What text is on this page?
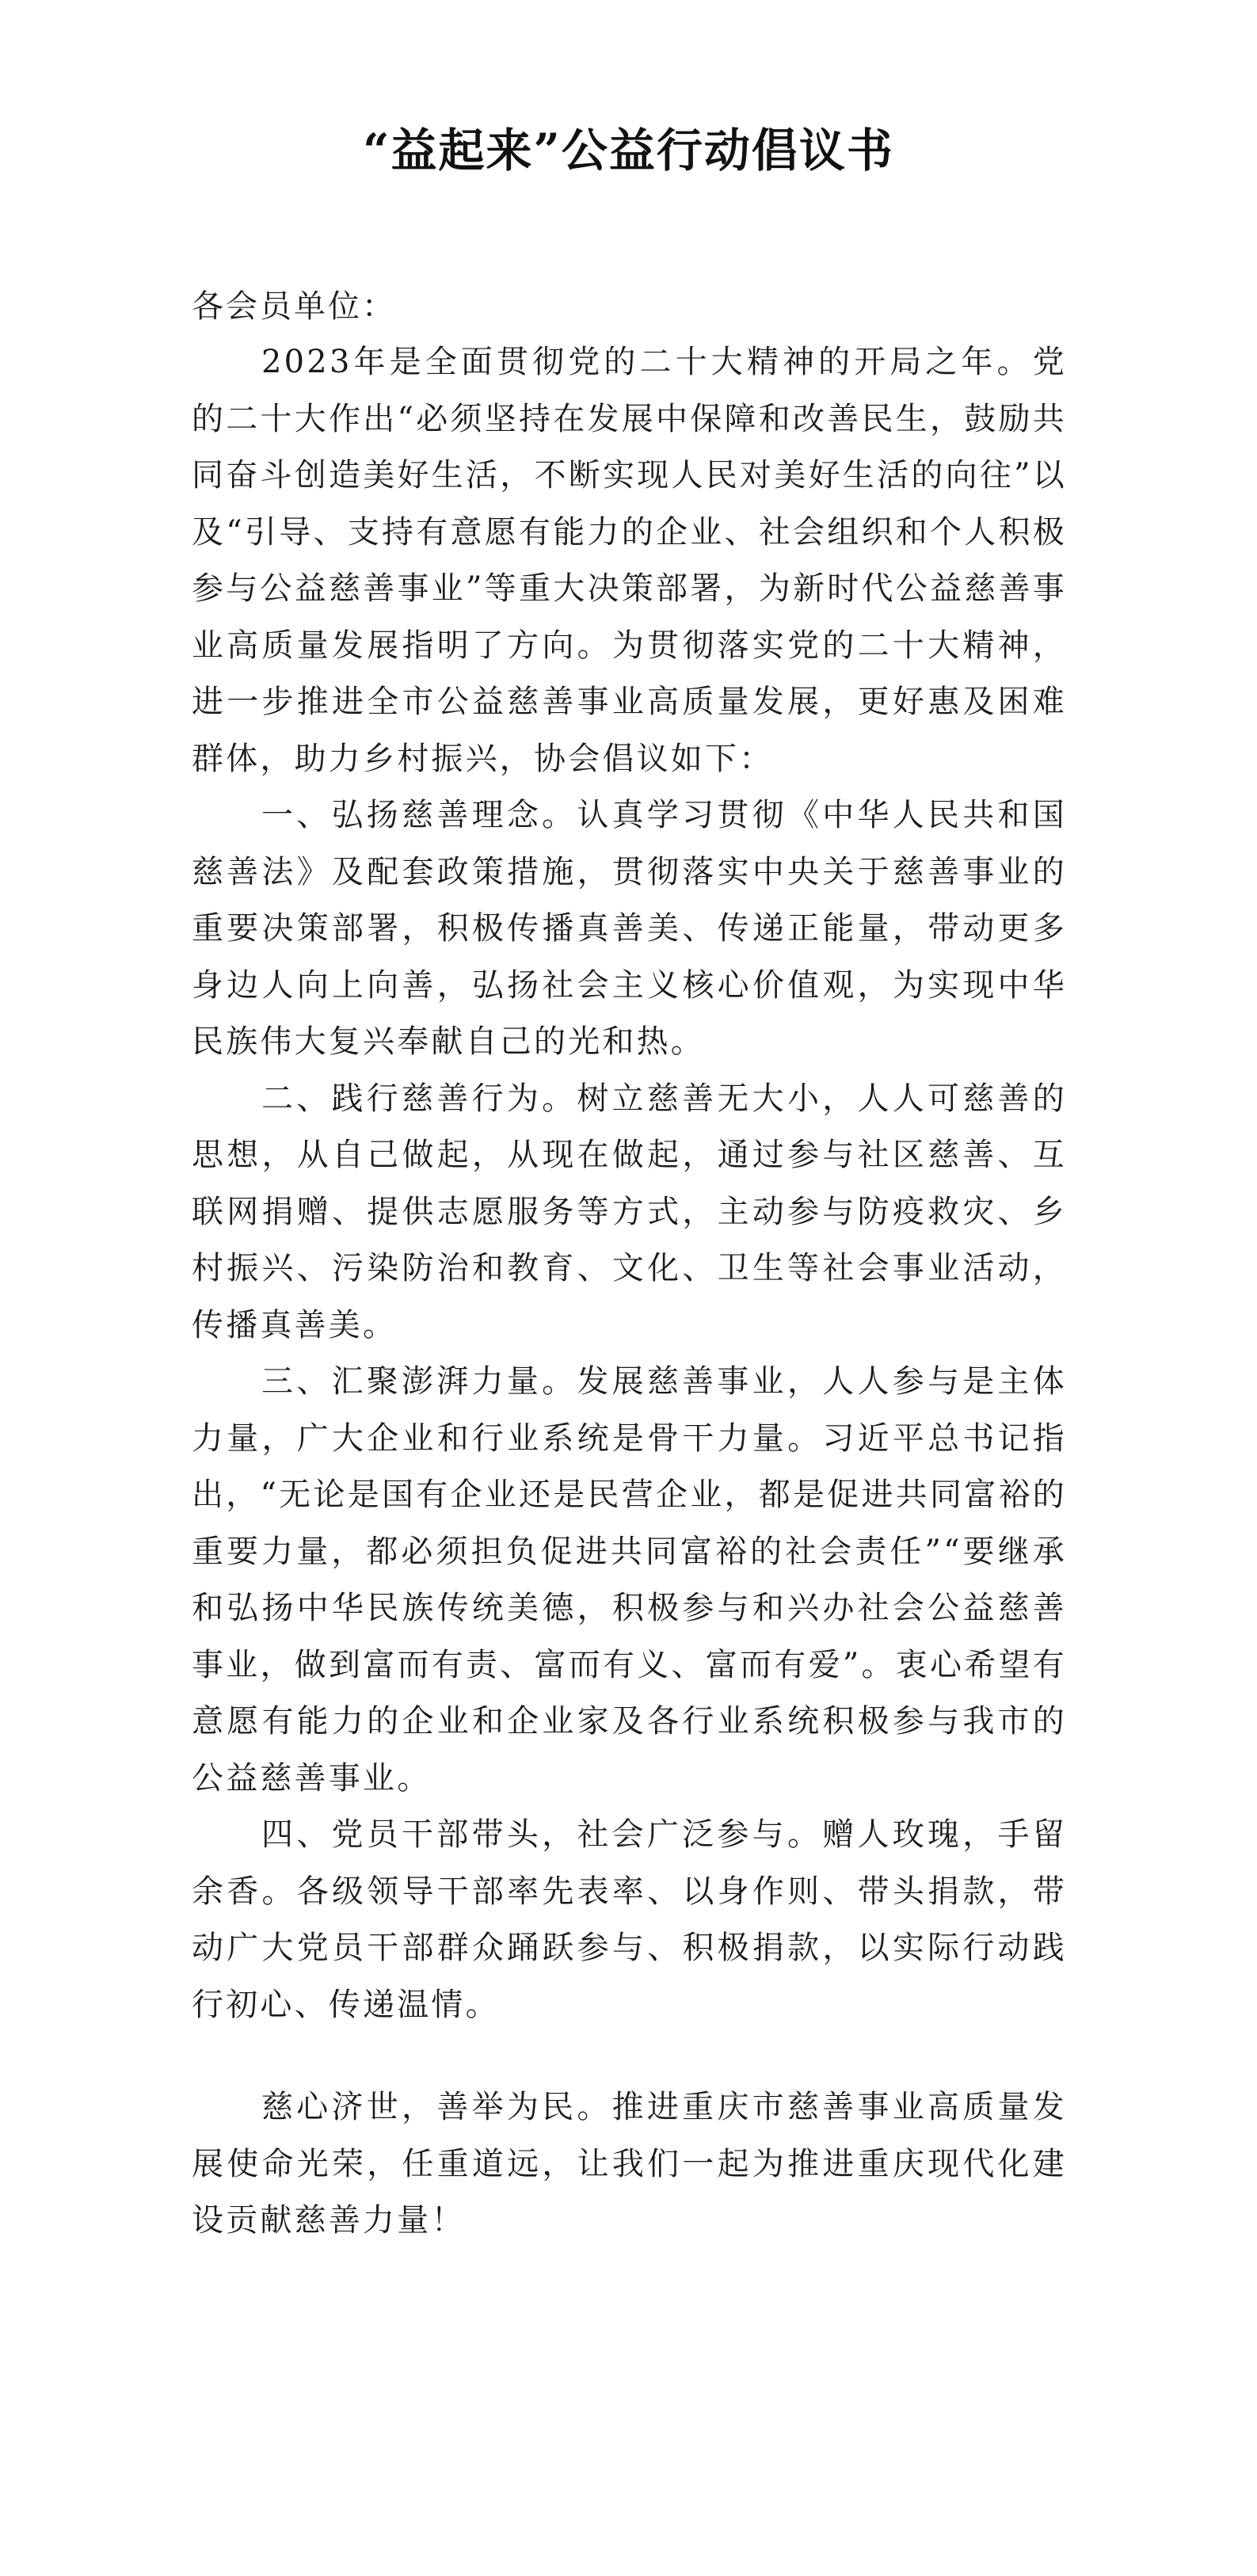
“益起来”公益行动倡议书
各会员单位：

2023年是全面贯彻党的二十大精神的开局之年。党的二十大作出“必须坚持在发展中保障和改善民生，鼓励共同奋斗创造美好生活，不断实现人民对美好生活的向往”以及“引导、支持有意愿有能力的企业、社会组织和个人积极参与公益慈善事业”等重大决策部署，为新时代公益慈善事业高质量发展指明了方向。为贯彻落实党的二十大精神，进一步推进全市公益慈善事业高质量发展，更好惠及困难群体，助力乡村振兴，协会倡议如下：

一、弘扬慈善理念。认真学习贯彻《中华人民共和国慈善法》及配套政策措施，贯彻落实中央关于慈善事业的重要决策部署，积极传播真善美、传递正能量，带动更多身边人向上向善，弘扬社会主义核心价值观，为实现中华民族伟大复兴奉献自己的光和热。

二、践行慈善行为。树立慈善无大小，人人可慈善的思想，从自己做起，从现在做起，通过参与社区慈善、互联网捐赠、提供志愿服务等方式，主动参与防疫救灾、乡村振兴、污染防治和教育、文化、卫生等社会事业活动，传播真善美。

三、汇聚澎湃力量。发展慈善事业，人人参与是主体力量，广大企业和行业系统是骨干力量。习近平总书记指出，“无论是国有企业还是民营企业，都是促进共同富裕的重要力量，都必须担负促进共同富裕的社会责任”“要继承和弘扬中华民族传统美德，积极参与和兴办社会公益慈善事业，做到富而有责、富而有义、富而有爱”。衷心希望有意愿有能力的企业和企业家及各行业系统积极参与我市的公益慈善事业。

四、党员干部带头，社会广泛参与。赠人玫瑰，手留余香。各级领导干部率先表率、以身作则、带头捐款，带动广大党员干部群众踊跃参与、积极捐款，以实际行动践行初心、传递温情。

慈心济世，善举为民。推进重庆市慈善事业高质量发展使命光荣，任重道远，让我们一起为推进重庆现代化建设贡献慈善力量！
